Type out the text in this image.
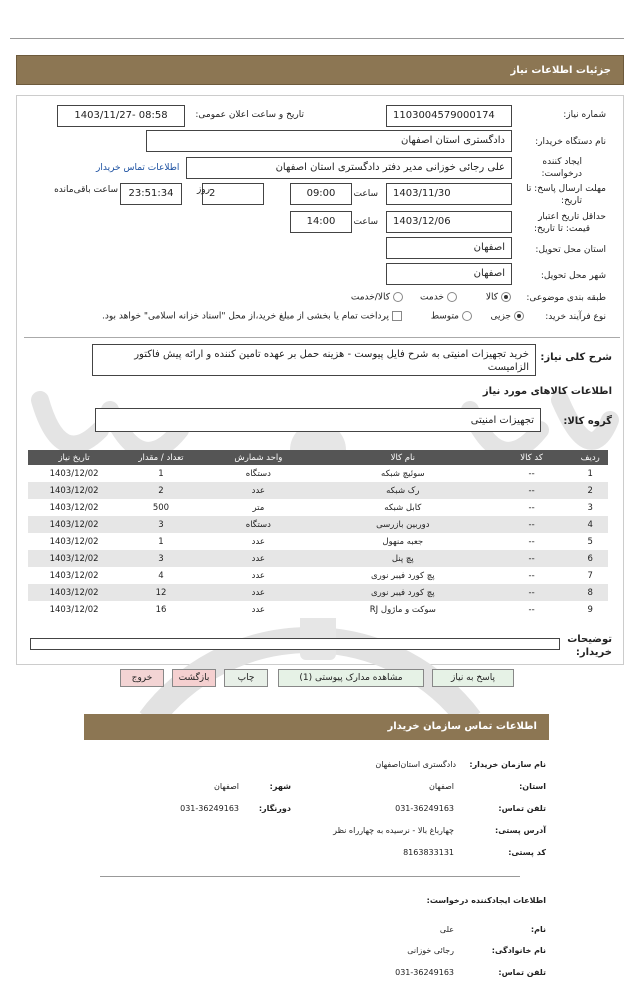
جزئیات اطلاعات نیاز
شماره نیاز:
1103004579000174
تاریخ و ساعت اعلان عمومی:
1403/11/27- 08:58
نام دستگاه خریدار:
دادگستری استان اصفهان
ایجاد کننده
درخواست:
علی رجائی خوزانی مدیر دفتر دادگستری استان اصفهان
اطلاعات تماس خریدار
مهلت ارسال پاسخ: تا
تاریخ:
1403/11/30
ساعت
09:00
2
روز
23:51:34
ساعت باقی‌مانده
حداقل تاریخ اعتبار
قیمت: تا تاریخ:
1403/12/06
ساعت
14:00
استان محل تحویل:
اصفهان
شهر محل تحویل:
اصفهان
طبقه بندی موضوعی:
کالا
خدمت
کالا/خدمت
نوع فرآیند خرید:
جزیی
متوسط
پرداخت تمام یا بخشی از مبلغ خرید،از محل "اسناد خزانه اسلامی" خواهد بود.
شرح کلی نیاز:
خرید تجهیزات امنیتی به شرح فایل پیوست - هزینه حمل بر عهده تامین کننده و ارائه پیش فاکتور الزامیست
اطلاعات کالاهای مورد نیاز
گروه کالا:
تجهیزات امنیتی
ردیف	کد کالا	نام کالا	واحد شمارش	تعداد / مقدار	تاریخ نیاز
1	--	سوئیچ شبکه	دستگاه	1	1403/12/02
2	--	رک شبکه	عدد	2	1403/12/02
3	--	کابل شبکه	متر	500	1403/12/02
4	--	دوربین بازرسی	دستگاه	3	1403/12/02
5	--	جعبه منهول	عدد	1	1403/12/02
6	--	پچ پنل	عدد	3	1403/12/02
7	--	پچ کورد فیبر نوری	عدد	4	1403/12/02
8	--	پچ کورد فیبر نوری	عدد	12	1403/12/02
9	--	سوکت و ماژول RJ	عدد	16	1403/12/02
توضیحات
خریدار:
پاسخ به نیاز
مشاهده مدارک پیوستی (1)
چاپ
بازگشت
خروج
اطلاعات تماس سازمان خریدار
نام سازمان خریدار:
دادگستری استان‌اصفهان
استان:
اصفهان
شهر:
اصفهان
تلفن تماس:
031-36249163
دورنگار:
031-36249163
آدرس پستی:
چهارباغ بالا - نرسیده به چهارراه نظر
کد پستی:
8163833131
اطلاعات ایجادکننده درخواست:
نام:
علی
نام خانوادگی:
رجائی خوزانی
تلفن تماس:
031-36249163
